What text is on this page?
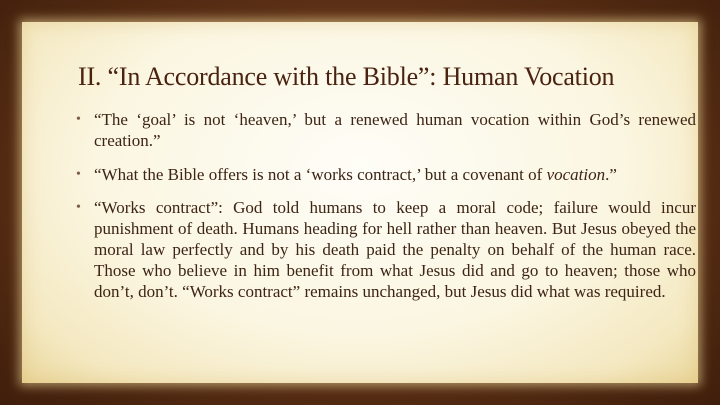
II. “In Accordance with the Bible”: Human Vocation
• “The ‘goal’ is not ‘heaven,’ but a renewed human vocation within God’s renewed creation.”
• “What the Bible offers is not a ‘works contract,’ but a covenant of vocation.”
• “Works contract”: God told humans to keep a moral code; failure would incur punishment of death. Humans heading for hell rather than heaven. But Jesus obeyed the moral law perfectly and by his death paid the penalty on behalf of the human race. Those who believe in him benefit from what Jesus did and go to heaven; those who don’t, don’t. “Works contract” remains unchanged, but Jesus did what was required.
